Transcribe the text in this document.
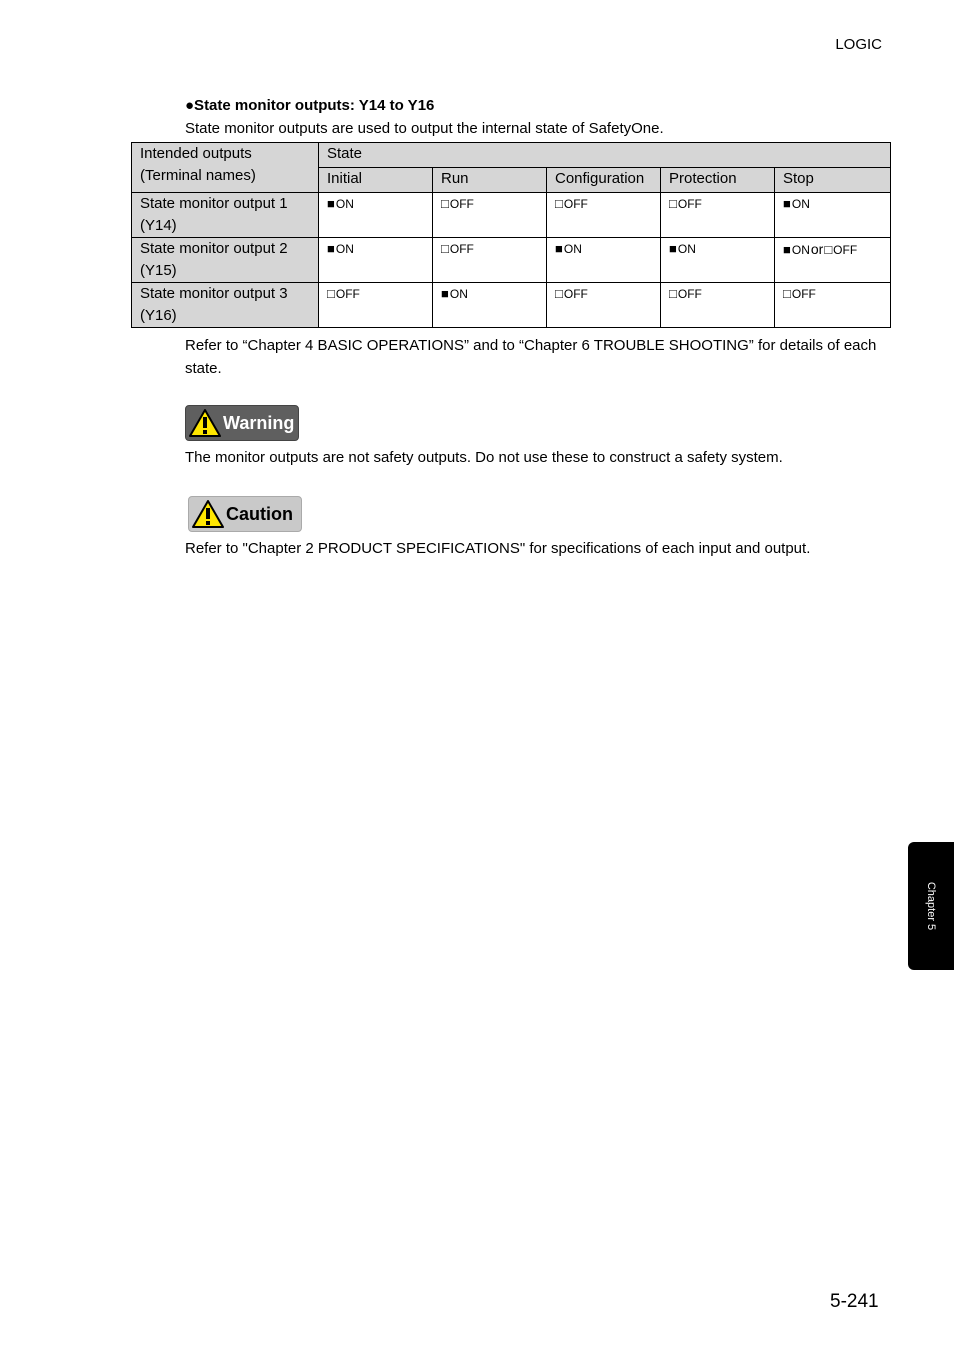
LOGIC
●State monitor outputs: Y14 to Y16
State monitor outputs are used to output the internal state of SafetyOne.
Intended outputs
(Terminal names)	State				
	Initial	Run	Configuration	Protection	Stop

State monitor output 1
(Y14)	■ON	□OFF	□OFF	□OFF	■ON

State monitor output 2
(Y15)	■ON	□OFF	■ON	■ON	■ONor□OFF

State monitor output 3
(Y16)	□OFF	■ON	□OFF	□OFF	□OFF
Refer to “Chapter 4 BASIC OPERATIONS” and to “Chapter 6 TROUBLE SHOOTING” for details of each state.
Warning
The monitor outputs are not safety outputs. Do not use these to construct a safety system.
Caution
Refer to "Chapter 2 PRODUCT SPECIFICATIONS" for specifications of each input and output.
Chapter 5
5-241
